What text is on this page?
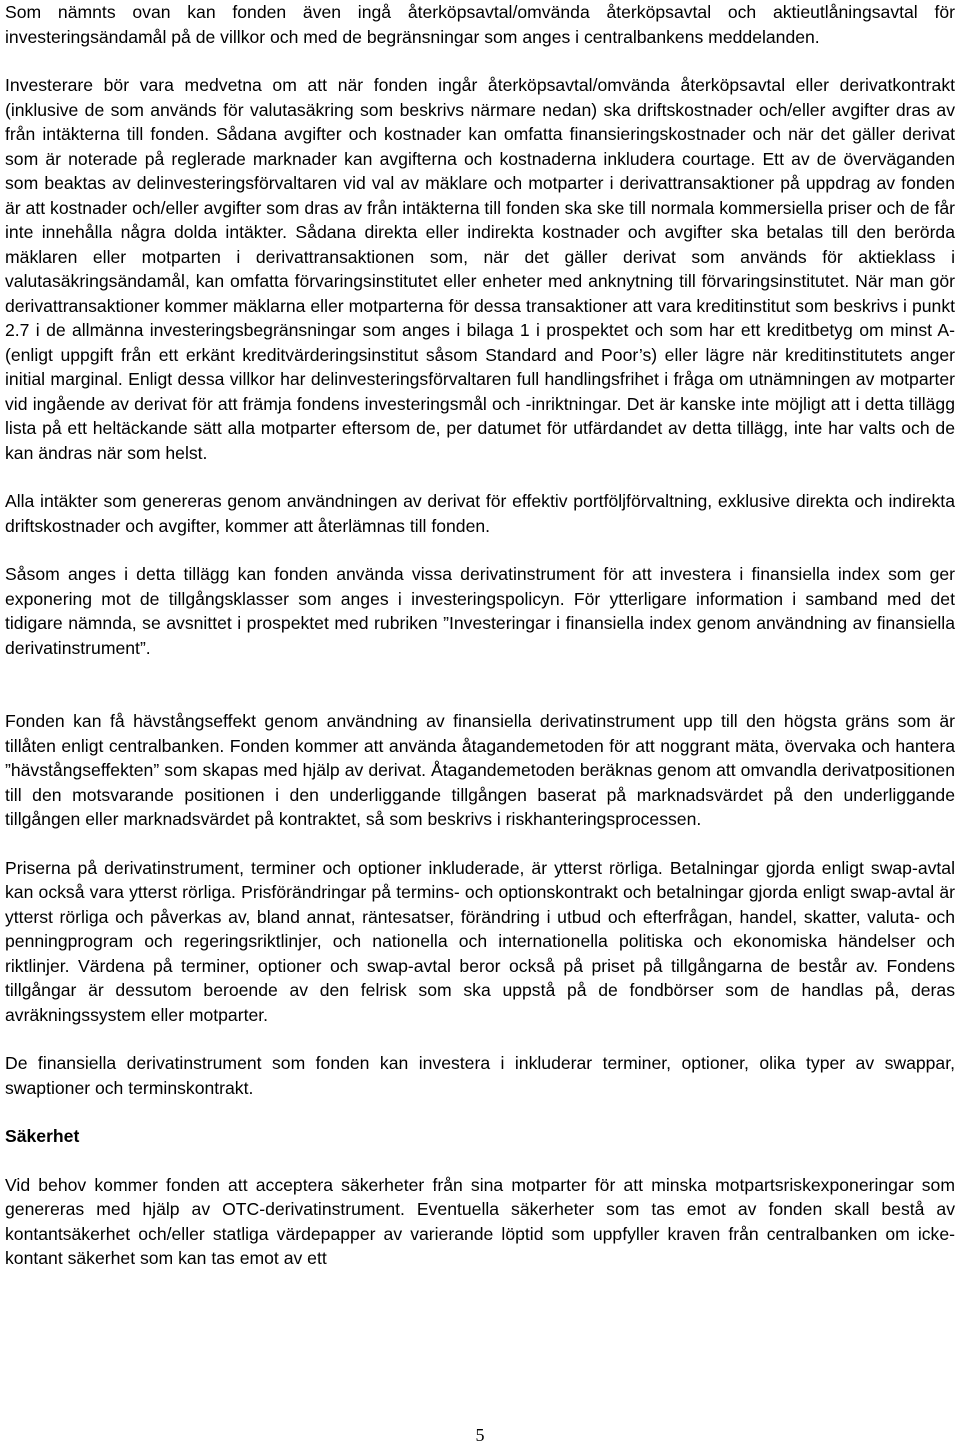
Som nämnts ovan kan fonden även ingå återköpsavtal/omvända återköpsavtal och aktieutlåningsavtal för investeringsändamål på de villkor och med de begränsningar som anges i centralbankens meddelanden.

Investerare bör vara medvetna om att när fonden ingår återköpsavtal/omvända återköpsavtal eller derivatkontrakt (inklusive de som används för valutasäkring som beskrivs närmare nedan) ska driftskostnader och/eller avgifter dras av från intäkterna till fonden. Sådana avgifter och kostnader kan omfatta finansieringskostnader och när det gäller derivat som är noterade på reglerade marknader kan avgifterna och kostnaderna inkludera courtage. Ett av de överväganden som beaktas av delinvesteringsförvaltaren vid val av mäklare och motparter i derivattransaktioner på uppdrag av fonden är att kostnader och/eller avgifter som dras av från intäkterna till fonden ska ske till normala kommersiella priser och de får inte innehålla några dolda intäkter. Sådana direkta eller indirekta kostnader och avgifter ska betalas till den berörda mäklaren eller motparten i derivattransaktionen som, när det gäller derivat som används för aktieklass i valutasäkringsändamål, kan omfatta förvaringsinstitutet eller enheter med anknytning till förvaringsinstitutet. När man gör derivattransaktioner kommer mäklarna eller motparterna för dessa transaktioner att vara kreditinstitut som beskrivs i punkt 2.7 i de allmänna investeringsbegränsningar som anges i bilaga 1 i prospektet och som har ett kreditbetyg om minst A- (enligt uppgift från ett erkänt kreditvärderingsinstitut såsom Standard and Poor’s) eller lägre när kreditinstitutets anger initial marginal. Enligt dessa villkor har delinvesteringsförvaltaren full handlingsfrihet i fråga om utnämningen av motparter vid ingående av derivat för att främja fondens investeringsmål och -inriktningar. Det är kanske inte möjligt att i detta tillägg lista på ett heltäckande sätt alla motparter eftersom de, per datumet för utfärdandet av detta tillägg, inte har valts och de kan ändras när som helst.

Alla intäkter som genereras genom användningen av derivat för effektiv portföljförvaltning, exklusive direkta och indirekta driftskostnader och avgifter, kommer att återlämnas till fonden.

Såsom anges i detta tillägg kan fonden använda vissa derivatinstrument för att investera i finansiella index som ger exponering mot de tillgångsklasser som anges i investeringspolicyn. För ytterligare information i samband med det tidigare nämnda, se avsnittet i prospektet med rubriken ”Investeringar i finansiella index genom användning av finansiella derivatinstrument”.

Fonden kan få hävstångseffekt genom användning av finansiella derivatinstrument upp till den högsta gräns som är tillåten enligt centralbanken. Fonden kommer att använda åtagandemetoden för att noggrant mäta, övervaka och hantera ”hävstångseffekten” som skapas med hjälp av derivat. Åtagandemetoden beräknas genom att omvandla derivatpositionen till den motsvarande positionen i den underliggande tillgången baserat på marknadsvärdet på den underliggande tillgången eller marknadsvärdet på kontraktet, så som beskrivs i riskhanteringsprocessen.

Priserna på derivatinstrument, terminer och optioner inkluderade, är ytterst rörliga. Betalningar gjorda enligt swap-avtal kan också vara ytterst rörliga. Prisförändringar på termins- och optionskontrakt och betalningar gjorda enligt swap-avtal är ytterst rörliga och påverkas av, bland annat, räntesatser, förändring i utbud och efterfrågan, handel, skatter, valuta- och penningprogram och regeringsriktlinjer, och nationella och internationella politiska och ekonomiska händelser och riktlinjer. Värdena på terminer, optioner och swap-avtal beror också på priset på tillgångarna de består av. Fondens tillgångar är dessutom beroende av den felrisk som ska uppstå på de fondbörser som de handlas på, deras avräkningssystem eller motparter.

De finansiella derivatinstrument som fonden kan investera i inkluderar terminer, optioner, olika typer av swappar, swaptioner och terminskontrakt.

Säkerhet

Vid behov kommer fonden att acceptera säkerheter från sina motparter för att minska motpartsriskexponeringar som genereras med hjälp av OTC-derivatinstrument. Eventuella säkerheter som tas emot av fonden skall bestå av kontantsäkerhet och/eller statliga värdepapper av varierande löptid som uppfyller kraven från centralbanken om icke-kontant säkerhet som kan tas emot av ett

5
